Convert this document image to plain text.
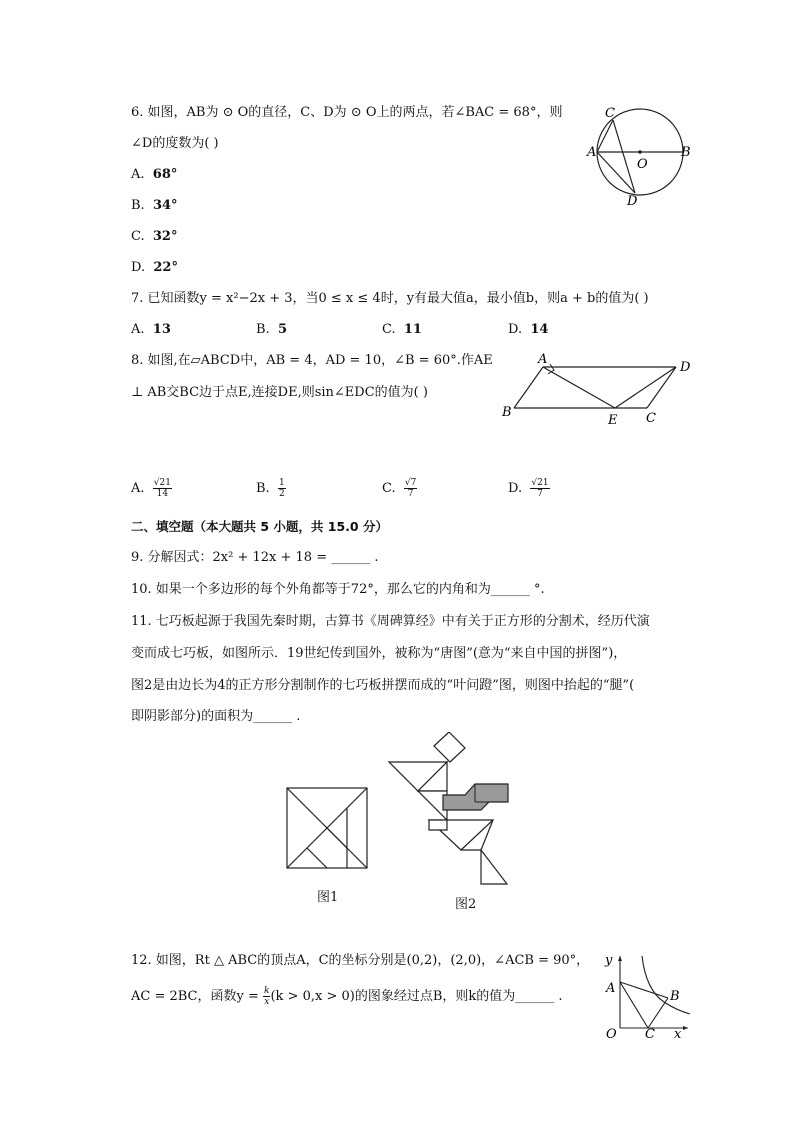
6. 如图，AB为 ⊙ O的直径，C、D为 ⊙ O上的两点，若∠BAC = 68°，则
∠D的度数为( )
A. 68°
B. 34°
C. 32°
D. 22°
C
A
O
B
D
7. 已知函数y = x²−2x + 3，当0 ≤ x ≤ 4时，y有最大值a，最小值b，则a + b的值为( )
A. 13	B. 5	C. 11	D. 14
8. 如图,在▱ABCD中，AB = 4，AD = 10，∠B = 60°.作AE
⊥ AB交BC边于点E,连接DE,则sin∠EDC的值为( )
A
D
B
E C
A. $\frac{√21}{14}$	B. $\frac{1}{2}$	C. $\frac{√7}{7}$	D. $\frac{√21}{7}$
二、填空题（本大题共 5 小题，共 15.0 分）
9. 分解因式：2x² + 12x + 18 = ______ .
10. 如果一个多边形的每个外角都等于72°，那么它的内角和为______ °.
11. 七巧板起源于我国先秦时期，古算书《周碑算经》中有关于正方形的分割术，经历代演
变而成七巧板，如图所示．19世纪传到国外，被称为“唐图”(意为“来自中国的拼图”)，
图2是由边长为4的正方形分割制作的七巧板拼摆而成的“叶问蹬”图，则图中抬起的“腿”(
即阴影部分)的面积为______ .
图1	图2
12. 如图，Rt △ ABC的顶点A，C的坐标分别是(0,2)，(2,0)，∠ACB = 90°，
AC = 2BC，函数$y = \frac{k}{x} (k > 0,x > 0)$的图象经过点B，则k的值为______ .
y
A
B
O C x
